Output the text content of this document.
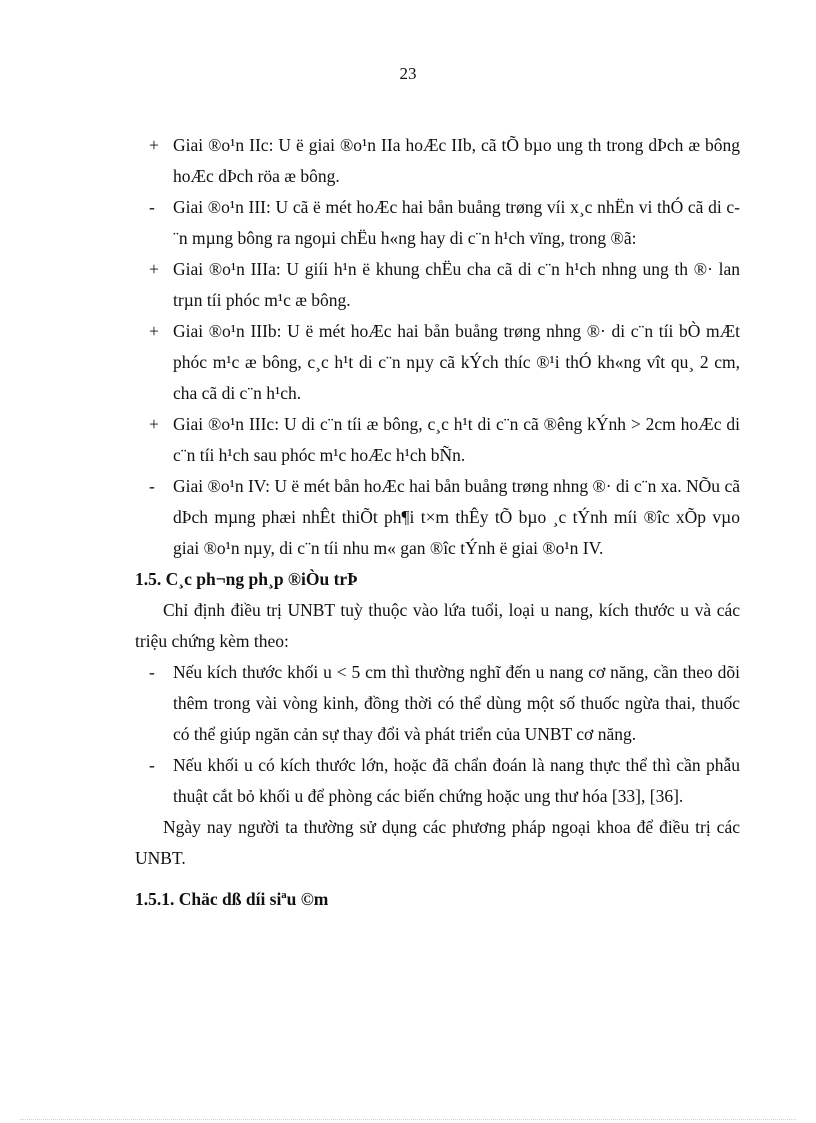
23
+ Giai ®o¹n IIc: U ë giai ®o¹n IIa hoÆc IIb, cã tÕ bµo ung th trong dÞch æ bông hoÆc dÞch röa æ bông.
-	Giai ®o¹n III: U cã ë mét hoÆc hai bån buång trøng víi x¸c nhËn vi thÓ cã di c¨n mµng bông ra ngoµi chËu h«ng hay di c¨n h¹ch vïng, trong ®ã:
+ Giai ®o¹n IIIa: U giíi h¹n ë khung chËu cha cã di c¨n h¹ch nhng ung th ®· lan trµn tíi phóc m¹c æ bông.
+ Giai ®o¹n IIIb: U ë mét hoÆc hai bån buång trøng nhng ®· di c¨n tíi bÒ mÆt phóc m¹c æ bông, c¸c h¹t di c¨n nµy cã kÝch thíc ®¹i thÓ kh«ng vît qu¸ 2 cm, cha cã di c¨n h¹ch.
+ Giai ®o¹n IIIc: U di c¨n tíi æ bông, c¸c h¹t di c¨n cã ®êng kÝnh > 2cm hoÆc di c¨n tíi h¹ch sau phóc m¹c hoÆc h¹ch bÑn.
-	Giai ®o¹n IV: U ë mét bån hoÆc hai bån buång trøng nhng ®· di c¨n xa. NÕu cã dÞch mµng phæi nhÊt thiÕt ph¶i t×m thÊy tÕ bµo ¸c tÝnh míi ®îc xÕp vµo giai ®o¹n nµy, di c¨n tíi nhu m« gan ®îc tÝnh ë giai ®o¹n IV.
1.5. C¸c ph¬ng ph¸p ®iÒu trÞ
Chỉ định điều trị UNBT tuỳ thuộc vào lứa tuổi, loại u nang, kích thước u và các triệu chứng kèm theo:
-	Nếu kích thước khối u < 5 cm thì thường nghĩ đến u nang cơ năng, cần theo dõi thêm trong vài vòng kinh, đồng thời có thể dùng một số thuốc ngừa thai, thuốc có thể giúp ngăn cản sự thay đổi và phát triển của UNBT cơ năng.
-	Nếu khối u có kích thước lớn, hoặc đã chẩn đoán là nang thực thể thì cần phẫu thuật cắt bỏ khối u để phòng các biến chứng hoặc ung thư hóa [33], [36].
Ngày nay người ta thường sử dụng các phương pháp ngoại khoa để điều trị các UNBT.
1.5.1. Chäc dß díi siªu ©m
